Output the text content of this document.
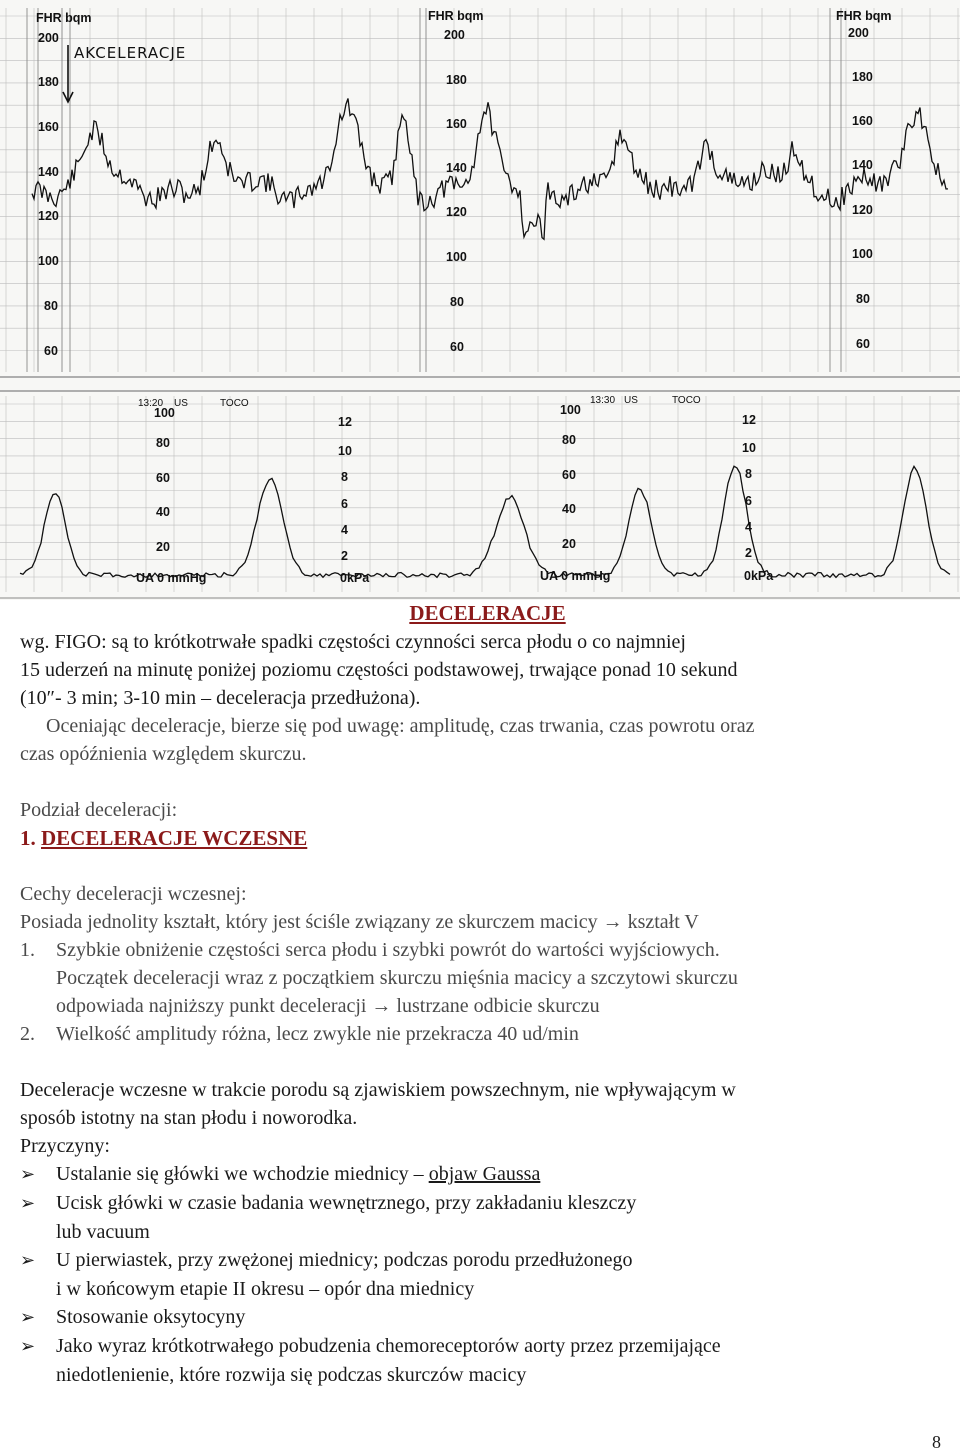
FHR bqm	FHR bqm	FHR bqm
200
180
160
140
120
100
80
60
200
180
160
140
120
100
80
60
200
180
160
140
120
100
80
60
AKCELERACJE
13:20 US	TOCO	13:30 US	TOCO
100
80
60
40
20
UA 0 mmHg
12
10
8
6
4
2
0kPa
100
80
60
40
20
UA 0 mmHg
12
10
8
6
4
2
0kPa
DECELERACJE
wg. FIGO: są to krótkotrwałe spadki częstości czynności serca płodu o co najmniej
15 uderzeń na minutę poniżej poziomu częstości podstawowej, trwające ponad 10 sekund
(10″- 3 min; 3-10 min – deceleracja przedłużona).
Oceniając deceleracje, bierze się pod uwagę: amplitudę, czas trwania, czas powrotu oraz
czas opóźnienia względem skurczu.
Podział deceleracji:
1. DECELERACJE WCZESNE
Cechy deceleracji wczesnej:
Posiada jednolity kształt, który jest ściśle związany ze skurczem macicy → kształt V
1. Szybkie obniżenie częstości serca płodu i szybki powrót do wartości wyjściowych.
Początek deceleracji wraz z początkiem skurczu mięśnia macicy a szczytowi skurczu
odpowiada najniższy punkt deceleracji → lustrzane odbicie skurczu
2. Wielkość amplitudy różna, lecz zwykle nie przekracza 40 ud/min
Deceleracje wczesne w trakcie porodu są zjawiskiem powszechnym, nie wpływającym w
sposób istotny na stan płodu i noworodka.
Przyczyny:
➢ Ustalanie się główki we wchodzie miednicy – objaw Gaussa
➢ Ucisk główki w czasie badania wewnętrznego, przy zakładaniu kleszczy
lub vacuum
➢ U pierwiastek, przy zwężonej miednicy; podczas porodu przedłużonego
i w końcowym etapie II okresu – opór dna miednicy
➢ Stosowanie oksytocyny
➢ Jako wyraz krótkotrwałego pobudzenia chemoreceptorów aorty przez przemijające
niedotlenienie, które rozwija się podczas skurczów macicy
8
